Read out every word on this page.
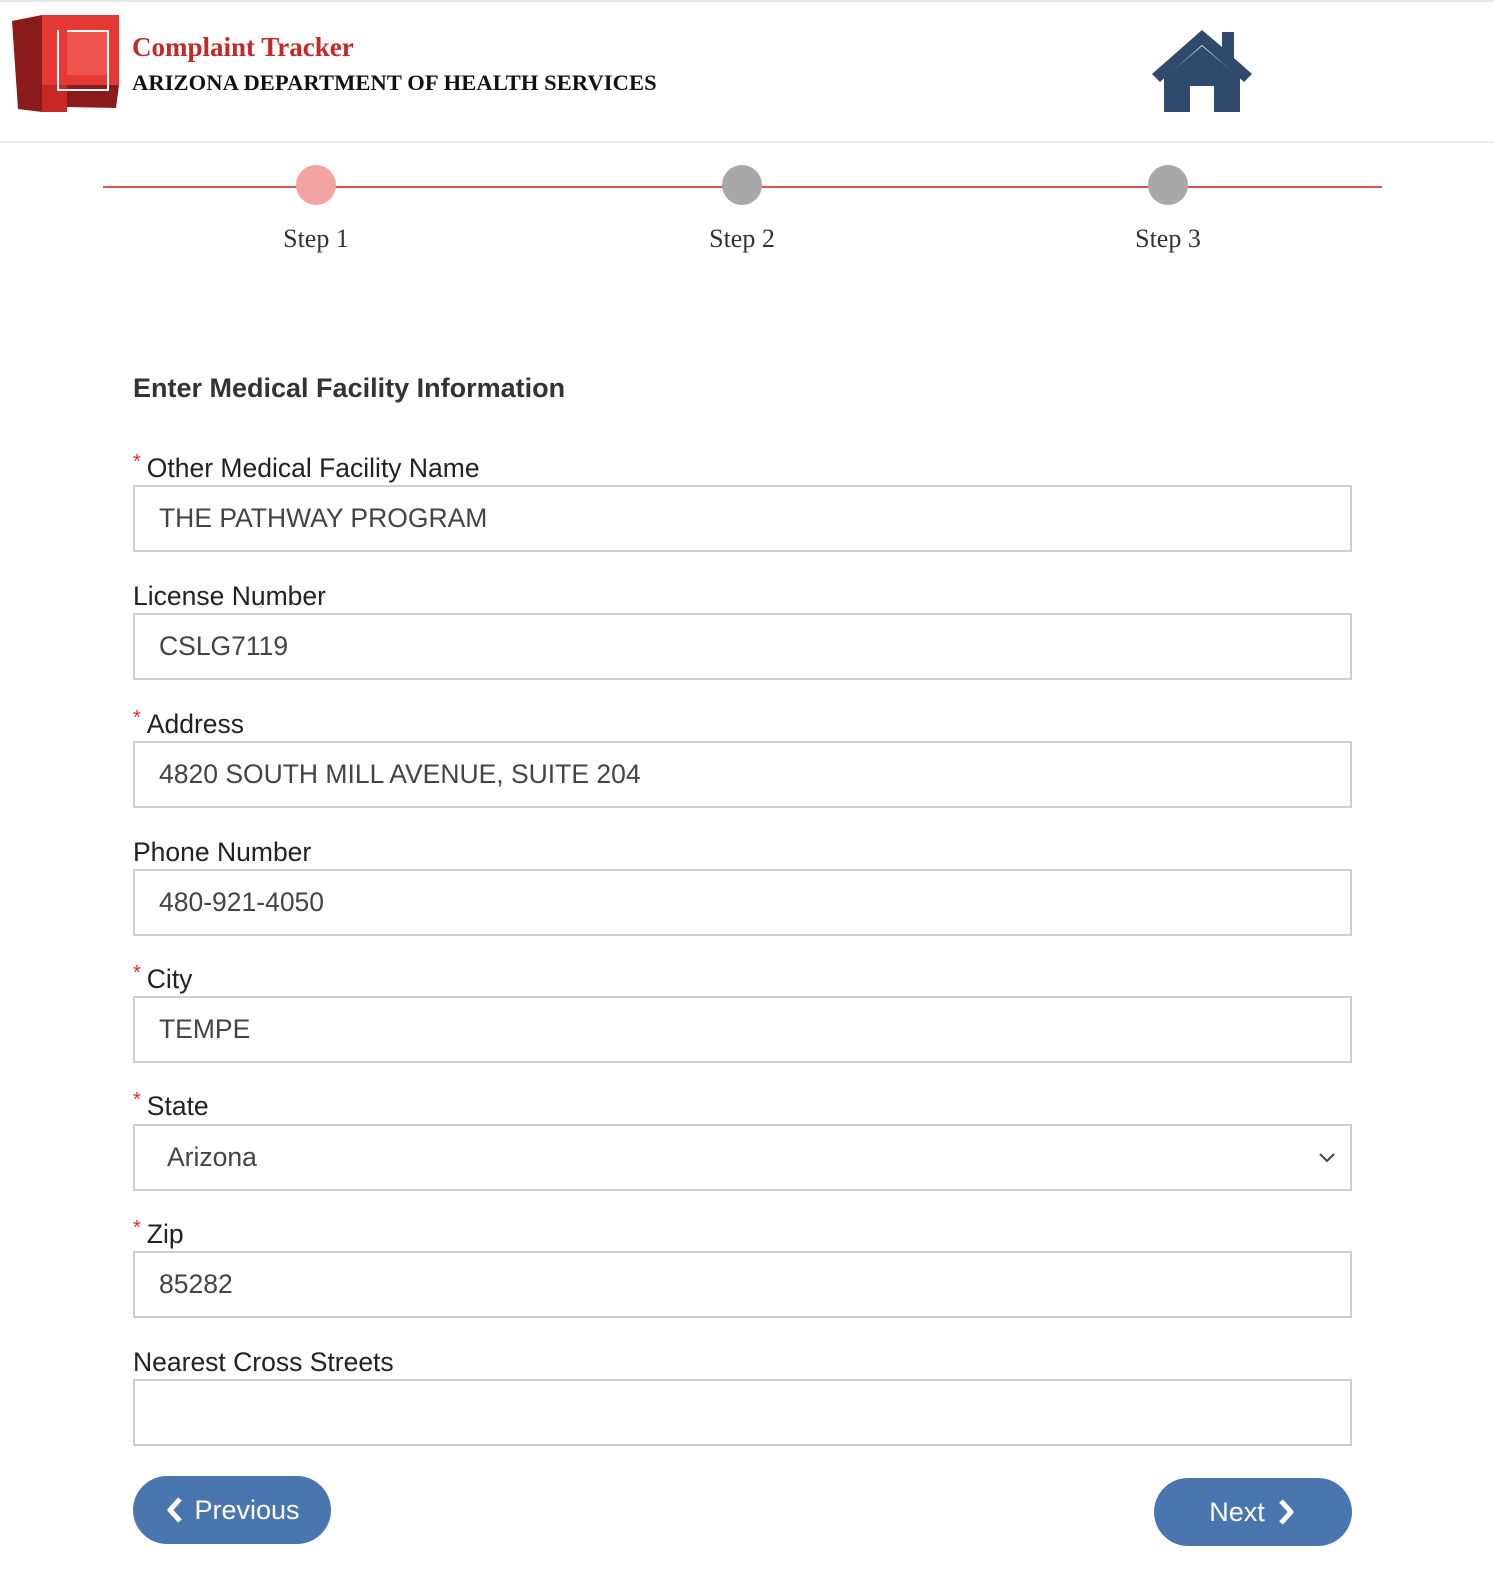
Complaint Tracker
ARIZONA DEPARTMENT OF HEALTH SERVICES
Step 1	Step 2	Step 3
Enter Medical Facility Information
* Other Medical Facility Name
THE PATHWAY PROGRAM
License Number
CSLG7119
* Address
4820 SOUTH MILL AVENUE, SUITE 204
Phone Number
480-921-4050
* City
TEMPE
* State
Arizona
* Zip
85282
Nearest Cross Streets
Previous	Next
